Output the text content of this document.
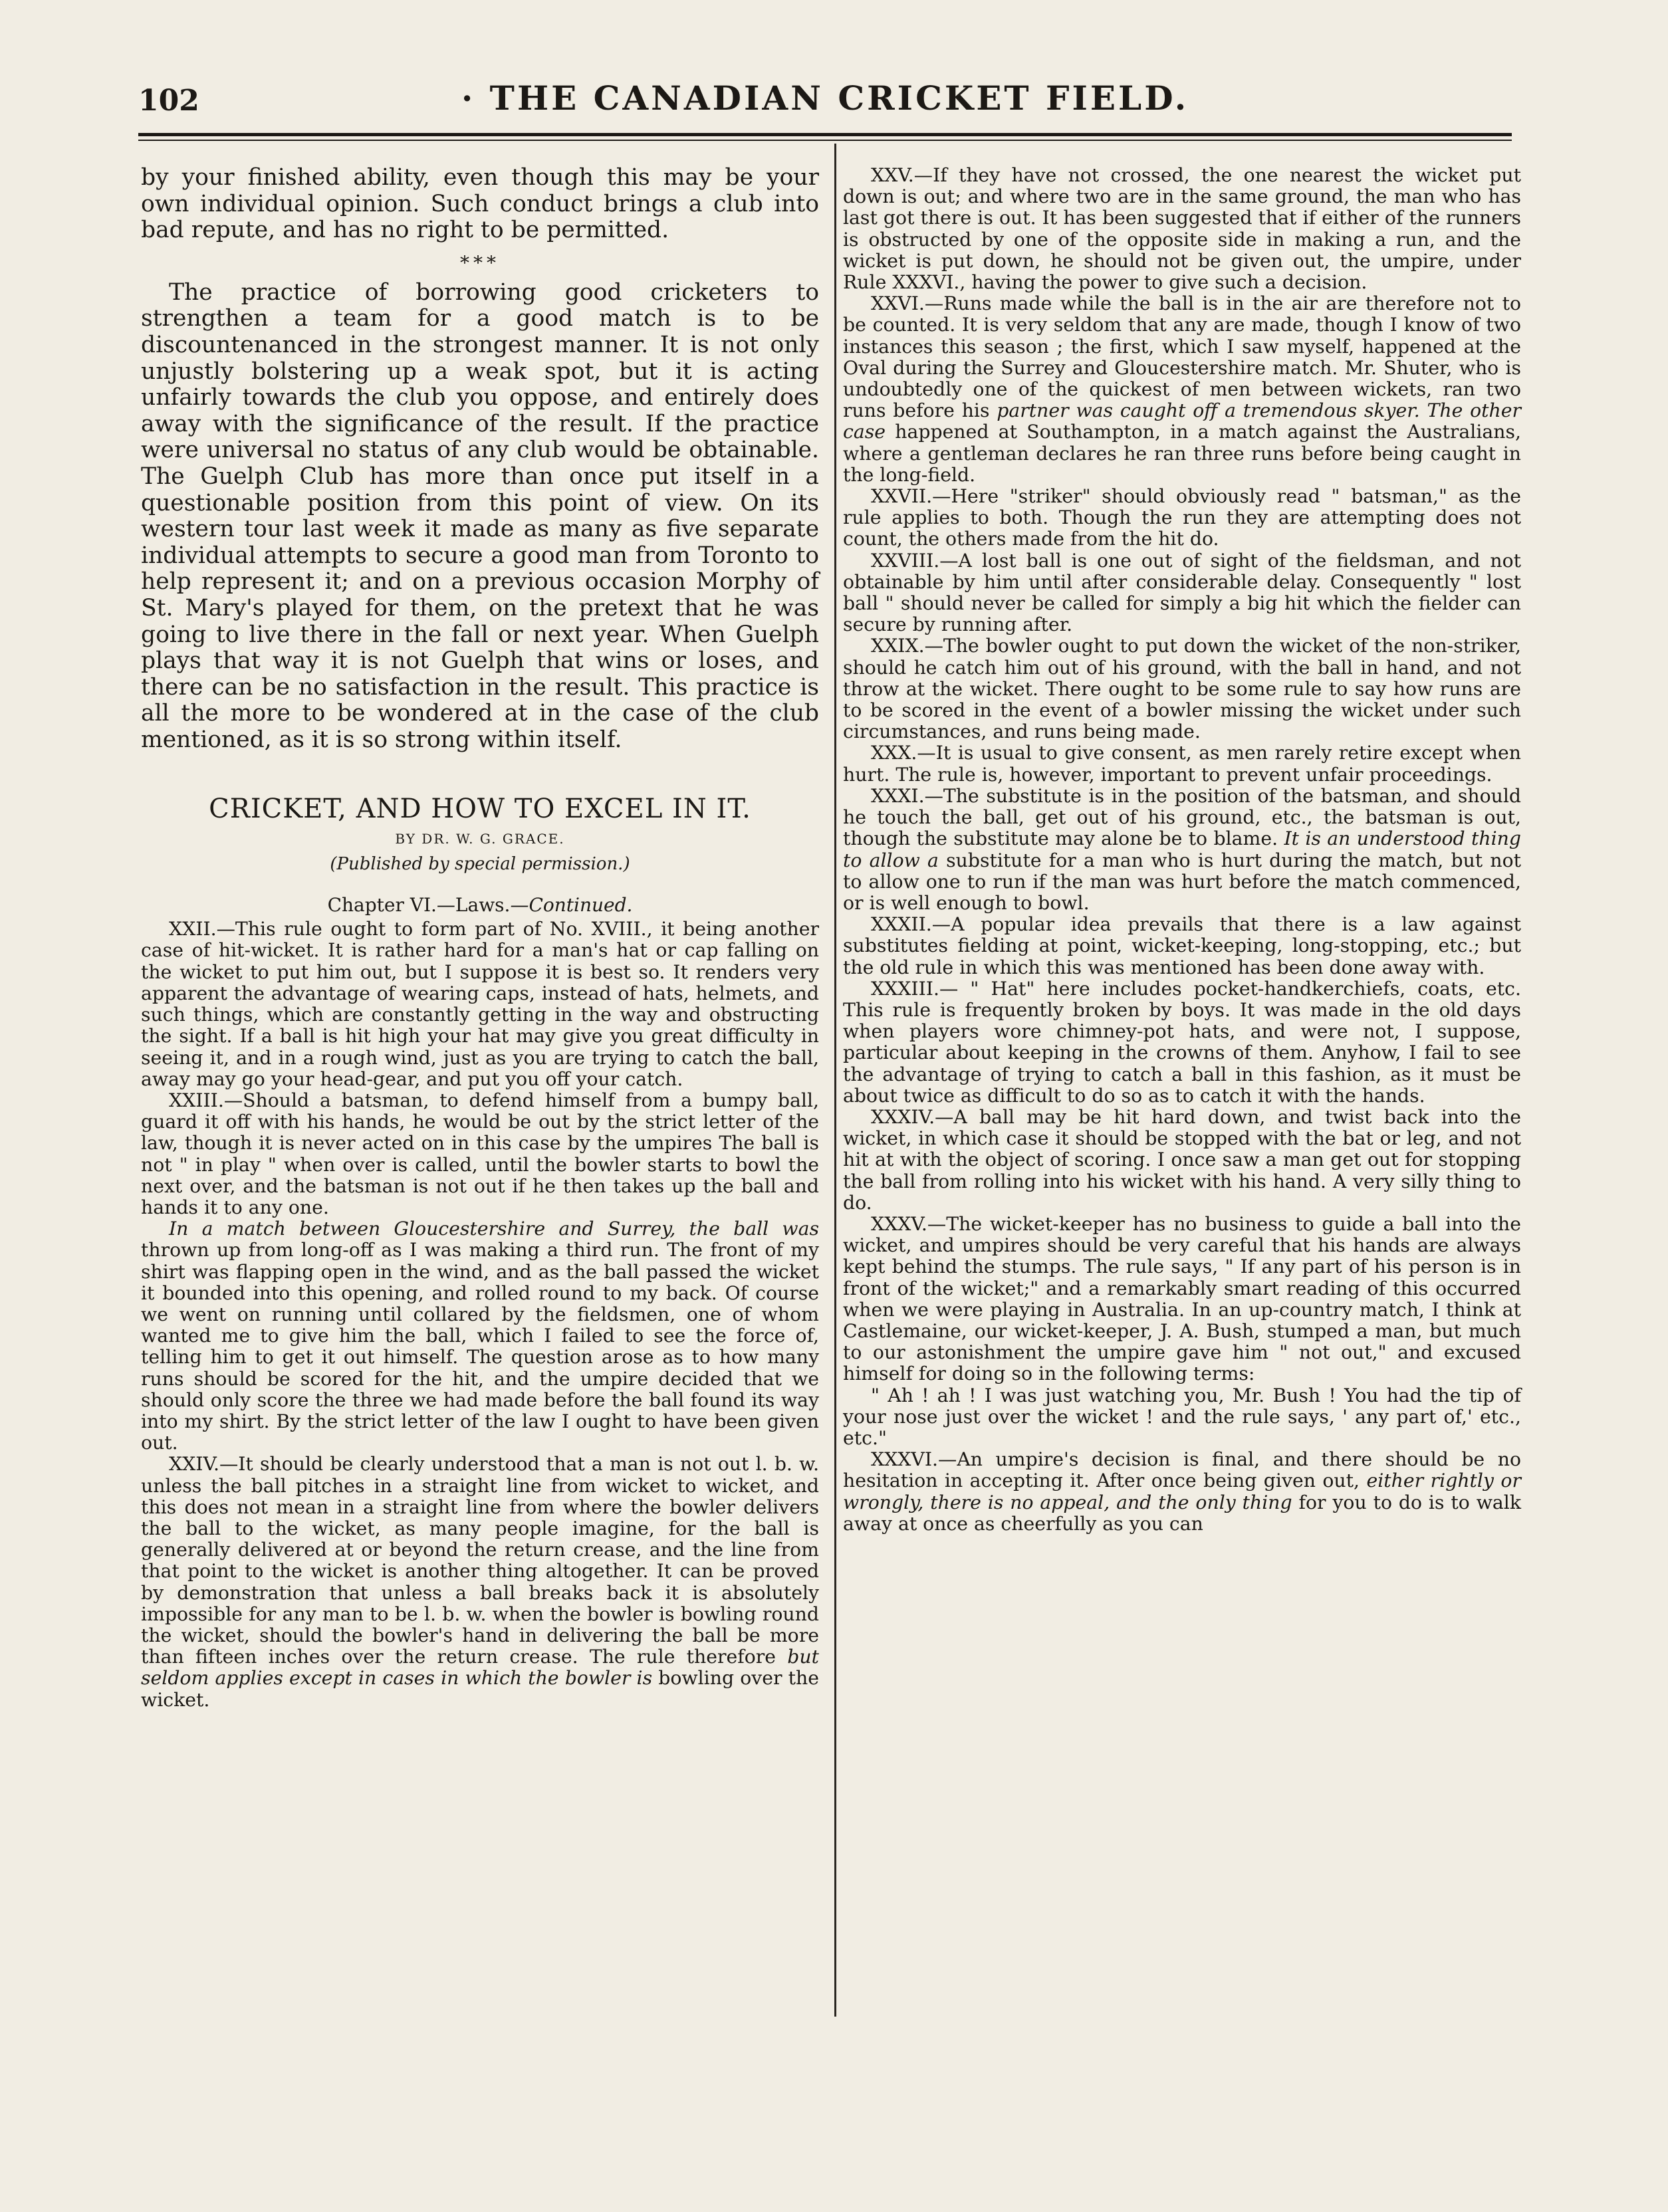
102	· THE CANADIAN CRICKET FIELD.

by your finished ability, even though this may be your own individual opinion. Such conduct brings a club into bad repute, and has no right to be permitted.

***

The practice of borrowing good cricketers to strengthen a team for a good match is to be discountenanced in the strongest manner. It is not only unjustly bolstering up a weak spot, but it is acting unfairly towards the club you oppose, and entirely does away with the significance of the result. If the practice were universal no status of any club would be obtainable. The Guelph Club has more than once put itself in a questionable position from this point of view. On its western tour last week it made as many as five separate individual attempts to secure a good man from Toronto to help represent it; and on a previous occasion Morphy of St. Mary's played for them, on the pretext that he was going to live there in the fall or next year. When Guelph plays that way it is not Guelph that wins or loses, and there can be no satisfaction in the result. This practice is all the more to be wondered at in the case of the club mentioned, as it is so strong within itself.

CRICKET, AND HOW TO EXCEL IN IT.
BY DR. W. G. GRACE.
(Published by special permission.)
Chapter VI.—Laws.—Continued.

XXII.—This rule ought to form part of No. XVIII., it being another case of hit-wicket. It is rather hard for a man's hat or cap falling on the wicket to put him out, but I suppose it is best so. It renders very apparent the advantage of wearing caps, instead of hats, helmets, and such things, which are constantly getting in the way and obstructing the sight. If a ball is hit high your hat may give you great difficulty in seeing it, and in a rough wind, just as you are trying to catch the ball, away may go your head-gear, and put you off your catch.

XXIII.—Should a batsman, to defend himself from a bumpy ball, guard it off with his hands, he would be out by the strict letter of the law, though it is never acted on in this case by the umpires The ball is not " in play " when over is called, until the bowler starts to bowl the next over, and the batsman is not out if he then takes up the ball and hands it to any one.

In a match between Gloucestershire and Surrey, the ball was thrown up from long-off as I was making a third run. The front of my shirt was flapping open in the wind, and as the ball passed the wicket it bounded into this opening, and rolled round to my back. Of course we went on running until collared by the fieldsmen, one of whom wanted me to give him the ball, which I failed to see the force of, telling him to get it out himself. The question arose as to how many runs should be scored for the hit, and the umpire decided that we should only score the three we had made before the ball found its way into my shirt. By the strict letter of the law I ought to have been given out.

XXIV.—It should be clearly understood that a man is not out l. b. w. unless the ball pitches in a straight line from wicket to wicket, and this does not mean in a straight line from where the bowler delivers the ball to the wicket, as many people imagine, for the ball is generally delivered at or beyond the return crease, and the line from that point to the wicket is another thing altogether. It can be proved by demonstration that unless a ball breaks back it is absolutely impossible for any man to be l. b. w. when the bowler is bowling round the wicket, should the bowler's hand in delivering the ball be more than fifteen inches over the return crease. The rule therefore but seldom applies except in cases in which the bowler is bowling over the wicket.

XXV.—If they have not crossed, the one nearest the wicket put down is out; and where two are in the same ground, the man who has last got there is out. It has been suggested that if either of the runners is obstructed by one of the opposite side in making a run, and the wicket is put down, he should not be given out, the umpire, under Rule XXXVI., having the power to give such a decision.

XXVI.—Runs made while the ball is in the air are therefore not to be counted. It is very seldom that any are made, though I know of two instances this season ; the first, which I saw myself, happened at the Oval during the Surrey and Gloucestershire match. Mr. Shuter, who is undoubtedly one of the quickest of men between wickets, ran two runs before his partner was caught off a tremendous skyer. The other case happened at Southampton, in a match against the Australians, where a gentleman declares he ran three runs before being caught in the long-field.

XXVII.—Here "striker" should obviously read " batsman," as the rule applies to both. Though the run they are attempting does not count, the others made from the hit do.

XXVIII.—A lost ball is one out of sight of the fieldsman, and not obtainable by him until after considerable delay. Consequently " lost ball " should never be called for simply a big hit which the fielder can secure by running after.

XXIX.—The bowler ought to put down the wicket of the non-striker, should he catch him out of his ground, with the ball in hand, and not throw at the wicket. There ought to be some rule to say how runs are to be scored in the event of a bowler missing the wicket under such circumstances, and runs being made.

XXX.—It is usual to give consent, as men rarely retire except when hurt. The rule is, however, important to prevent unfair proceedings.

XXXI.—The substitute is in the position of the batsman, and should he touch the ball, get out of his ground, etc., the batsman is out, though the substitute may alone be to blame. It is an understood thing to allow a substitute for a man who is hurt during the match, but not to allow one to run if the man was hurt before the match commenced, or is well enough to bowl.

XXXII.—A popular idea prevails that there is a law against substitutes fielding at point, wicket-keeping, long-stopping, etc.; but the old rule in which this was mentioned has been done away with.

XXXIII.— " Hat" here includes pocket-handkerchiefs, coats, etc. This rule is frequently broken by boys. It was made in the old days when players wore chimney-pot hats, and were not, I suppose, particular about keeping in the crowns of them. Anyhow, I fail to see the advantage of trying to catch a ball in this fashion, as it must be about twice as difficult to do so as to catch it with the hands.

XXXIV.—A ball may be hit hard down, and twist back into the wicket, in which case it should be stopped with the bat or leg, and not hit at with the object of scoring. I once saw a man get out for stopping the ball from rolling into his wicket with his hand. A very silly thing to do.

XXXV.—The wicket-keeper has no business to guide a ball into the wicket, and umpires should be very careful that his hands are always kept behind the stumps. The rule says, " If any part of his person is in front of the wicket;" and a remarkably smart reading of this occurred when we were playing in Australia. In an up-country match, I think at Castlemaine, our wicket-keeper, J. A. Bush, stumped a man, but much to our astonishment the umpire gave him " not out," and excused himself for doing so in the following terms:

" Ah ! ah ! I was just watching you, Mr. Bush ! You had the tip of your nose just over the wicket ! and the rule says, ' any part of,' etc., etc."

XXXVI.—An umpire's decision is final, and there should be no hesitation in accepting it. After once being given out, either rightly or wrongly, there is no appeal, and the only thing for you to do is to walk away at once as cheerfully as you can
